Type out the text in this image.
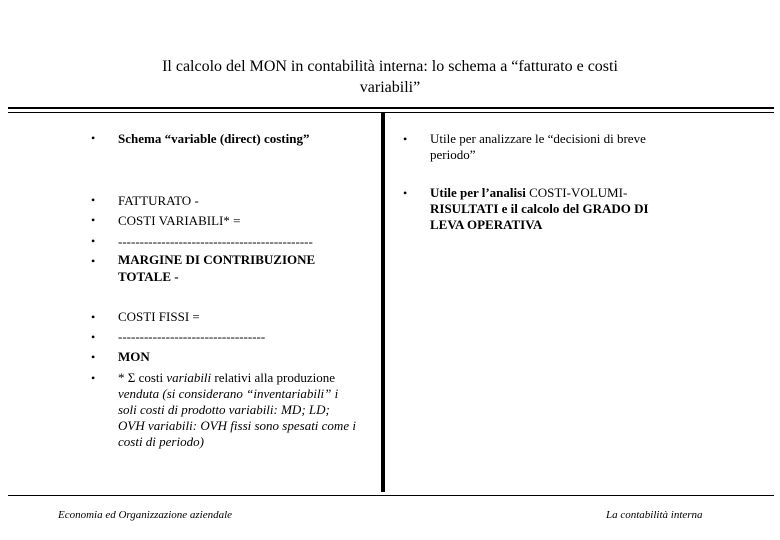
Il calcolo del MON in contabilità interna: lo schema a “fatturato e costi
variabili”
• Schema “variable (direct) costing”
• FATTURATO -
• COSTI VARIABILI* =
• ---------------------------------------------
• MARGINE DI CONTRIBUZIONE
TOTALE -
• COSTI FISSI =
• ----------------------------------
• MON
• * Σ costi variabili relativi alla produzione
venduta (si considerano “inventariabili” i
soli costi di prodotto variabili: MD; LD;
OVH variabili: OVH fissi sono spesati come i
costi di periodo)
• Utile per analizzare le “decisioni di breve
periodo”
• Utile per l’analisi COSTI-VOLUMI-
RISULTATI e il calcolo del GRADO DI
LEVA OPERATIVA
Economia ed Organizzazione aziendale	La contabilità interna
